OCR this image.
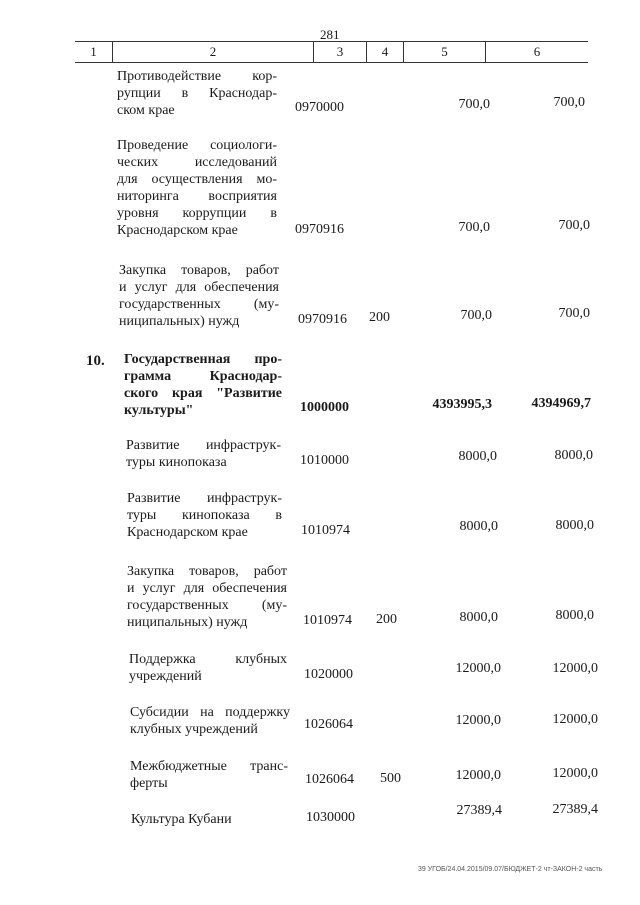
281
1	2	3	4	5	6
Противодействие кор-
рупции в Краснодар-
ском крае	0970000	700,0	700,0
Проведение социологи-
ческих исследований
для осуществления мо-
ниторинга восприятия
уровня коррупции в
Краснодарском крае	0970916	700,0	700,0
Закупка товаров, работ
и услуг для обеспечения
государственных (му-
ниципальных) нужд	0970916 200	700,0	700,0
10. Государственная про-
грамма Краснодар-
ского края "Развитие
культуры"	1000000	4393995,3	4394969,7
Развитие инфраструк-
туры кинопоказа	1010000	8000,0	8000,0
Развитие инфраструк-
туры кинопоказа в
Краснодарском крае	1010974	8000,0	8000,0
Закупка товаров, работ
и услуг для обеспечения
государственных (му-
ниципальных) нужд	1010974 200	8000,0	8000,0
Поддержка клубных
учреждений	1020000	12000,0	12000,0
Субсидии на поддержку
клубных учреждений	1026064	12000,0	12000,0
Межбюджетные транс-
ферты	1026064 500	12000,0	12000,0
Культура Кубани	1030000	27389,4	27389,4
39 УГОБ/24.04.2015/09.07/БЮДЖЕТ-2 чт-ЗАКОН-2 часть
